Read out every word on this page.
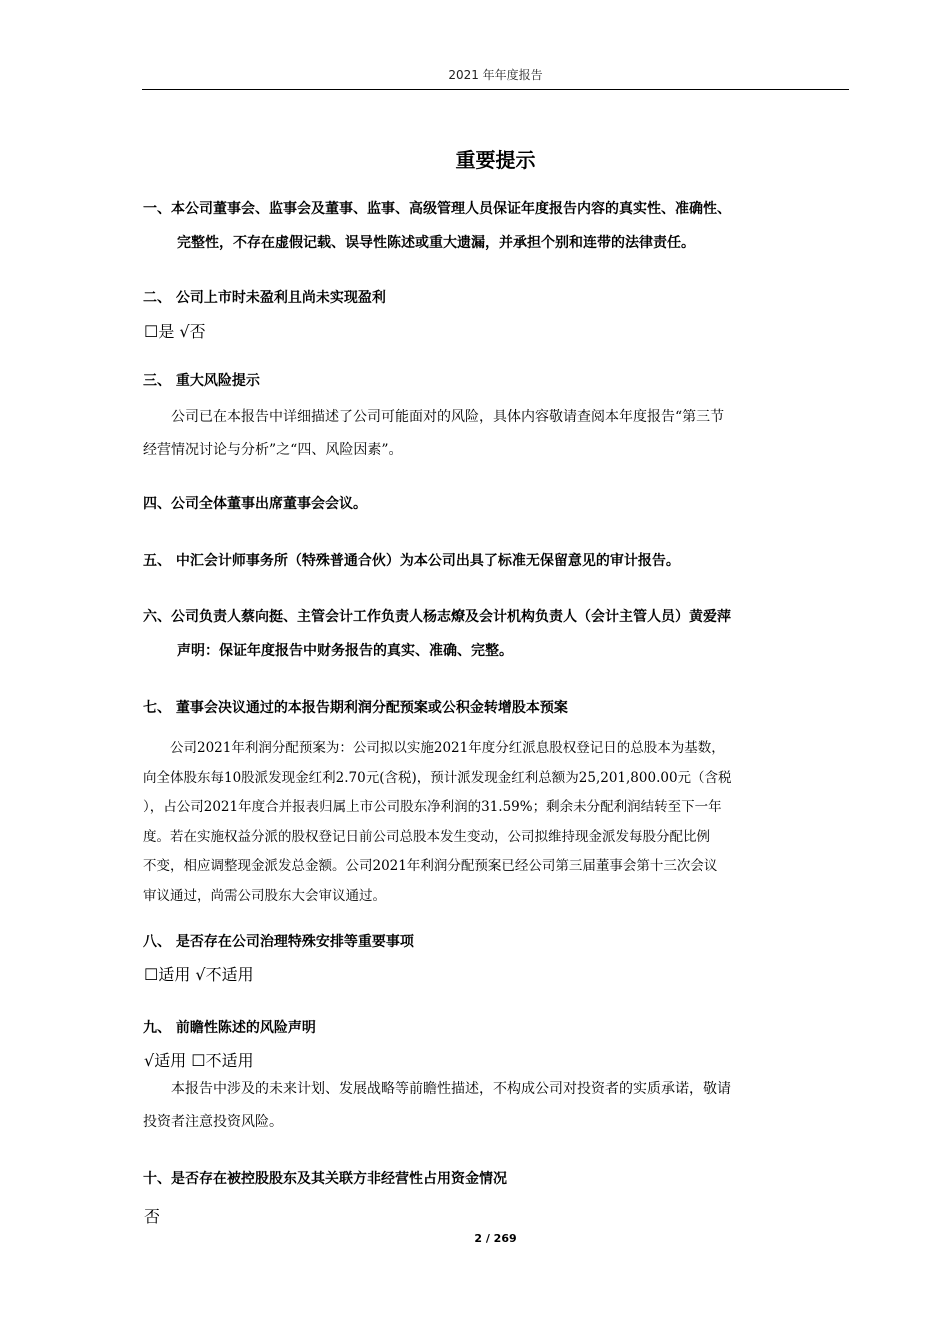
2021 年年度报告
重要提示
一、本公司董事会、监事会及董事、监事、高级管理人员保证年度报告内容的真实性、准确性、
完整性，不存在虚假记载、误导性陈述或重大遗漏，并承担个别和连带的法律责任。
二、 公司上市时未盈利且尚未实现盈利
☐是 √否
三、 重大风险提示
公司已在本报告中详细描述了公司可能面对的风险，具体内容敬请查阅本年度报告“第三节
经营情况讨论与分析”之“四、风险因素”。
四、公司全体董事出席董事会会议。
五、 中汇会计师事务所（特殊普通合伙）为本公司出具了标准无保留意见的审计报告。
六、公司负责人蔡向挺、主管会计工作负责人杨志燎及会计机构负责人（会计主管人员）黄爱萍
声明：保证年度报告中财务报告的真实、准确、完整。
七、 董事会决议通过的本报告期利润分配预案或公积金转增股本预案
公司2021年利润分配预案为：公司拟以实施2021年度分红派息股权登记日的总股本为基数，
向全体股东每10股派发现金红利2.70元(含税)，预计派发现金红利总额为25,201,800.00元（含税
），占公司2021年度合并报表归属上市公司股东净利润的31.59%；剩余未分配利润结转至下一年
度。若在实施权益分派的股权登记日前公司总股本发生变动，公司拟维持现金派发每股分配比例
不变，相应调整现金派发总金额。公司2021年利润分配预案已经公司第三届董事会第十三次会议
审议通过，尚需公司股东大会审议通过。
八、 是否存在公司治理特殊安排等重要事项
☐适用 √不适用
九、 前瞻性陈述的风险声明
√适用 ☐不适用
本报告中涉及的未来计划、发展战略等前瞻性描述，不构成公司对投资者的实质承诺，敬请
投资者注意投资风险。
十、是否存在被控股股东及其关联方非经营性占用资金情况
否
2 / 269
